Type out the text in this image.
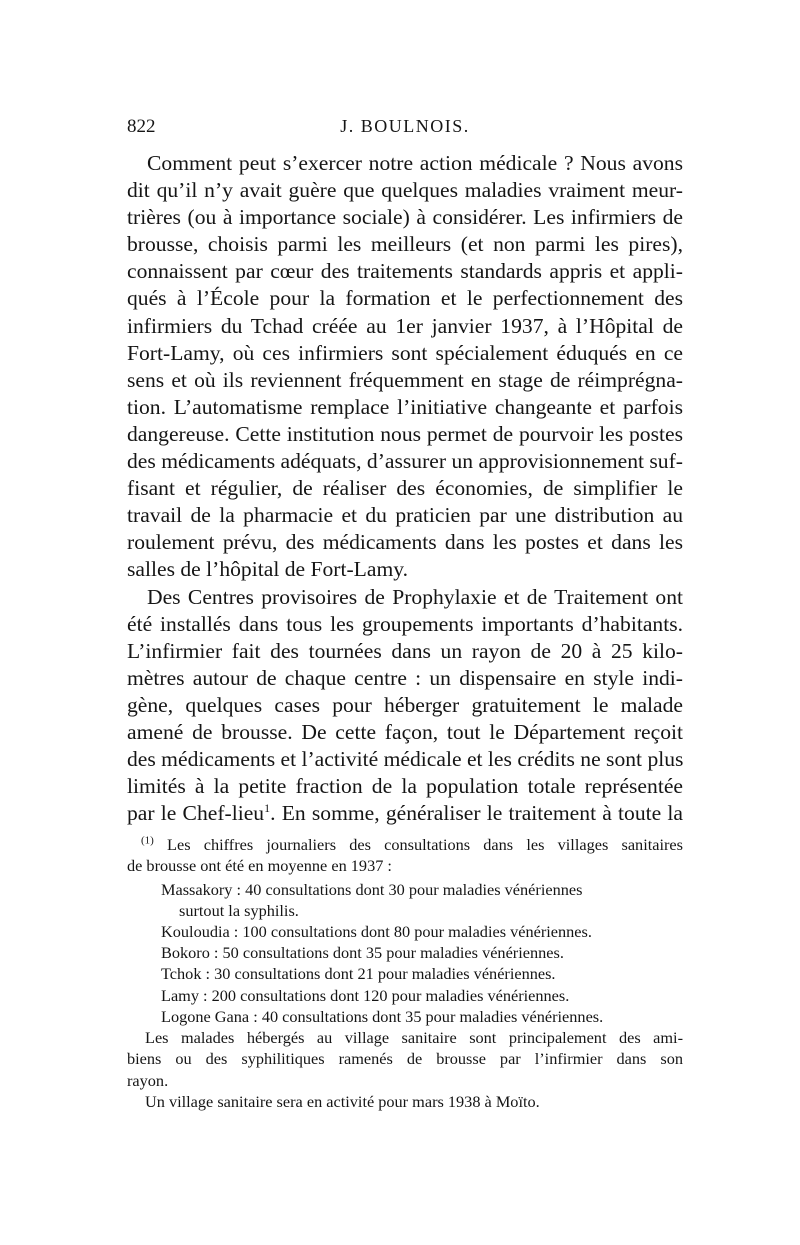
822	J. BOULNOIS.
Comment peut s’exercer notre action médicale ? Nous avons
dit qu’il n’y avait guère que quelques maladies vraiment meur-
trières (ou à importance sociale) à considérer. Les infirmiers de
brousse, choisis parmi les meilleurs (et non parmi les pires),
connaissent par cœur des traitements standards appris et appli-
qués à l’École pour la formation et le perfectionnement des
infirmiers du Tchad créée au 1er janvier 1937, à l’Hôpital de
Fort-Lamy, où ces infirmiers sont spécialement éduqués en ce
sens et où ils reviennent fréquemment en stage de réimprégna-
tion. L’automatisme remplace l’initiative changeante et parfois
dangereuse. Cette institution nous permet de pourvoir les postes
des médicaments adéquats, d’assurer un approvisionnement suf-
fisant et régulier, de réaliser des économies, de simplifier le
travail de la pharmacie et du praticien par une distribution au
roulement prévu, des médicaments dans les postes et dans les
salles de l’hôpital de Fort-Lamy.
Des Centres provisoires de Prophylaxie et de Traitement ont
été installés dans tous les groupements importants d’habitants.
L’infirmier fait des tournées dans un rayon de 20 à 25 kilo-
mètres autour de chaque centre : un dispensaire en style indi-
gène, quelques cases pour héberger gratuitement le malade
amené de brousse. De cette façon, tout le Département reçoit
des médicaments et l’activité médicale et les crédits ne sont plus
limités à la petite fraction de la population totale représentée
par le Chef-lieu$^1$. En somme, généraliser le traitement à toute la
$^{(1)}$ Les chiffres journaliers des consultations dans les villages sanitaires
de brousse ont été en moyenne en 1937 :
Massakory : 40 consultations dont 30 pour maladies vénériennes
surtout la syphilis.
Kouloudia : 100 consultations dont 80 pour maladies vénériennes.
Bokoro : 50 consultations dont 35 pour maladies vénériennes.
Tchok : 30 consultations dont 21 pour maladies vénériennes.
Lamy : 200 consultations dont 120 pour maladies vénériennes.
Logone Gana : 40 consultations dont 35 pour maladies vénériennes.
Les malades hébergés au village sanitaire sont principalement des ami-
biens ou des syphilitiques ramenés de brousse par l’infirmier dans son
rayon.
Un village sanitaire sera en activité pour mars 1938 à Moïto.
